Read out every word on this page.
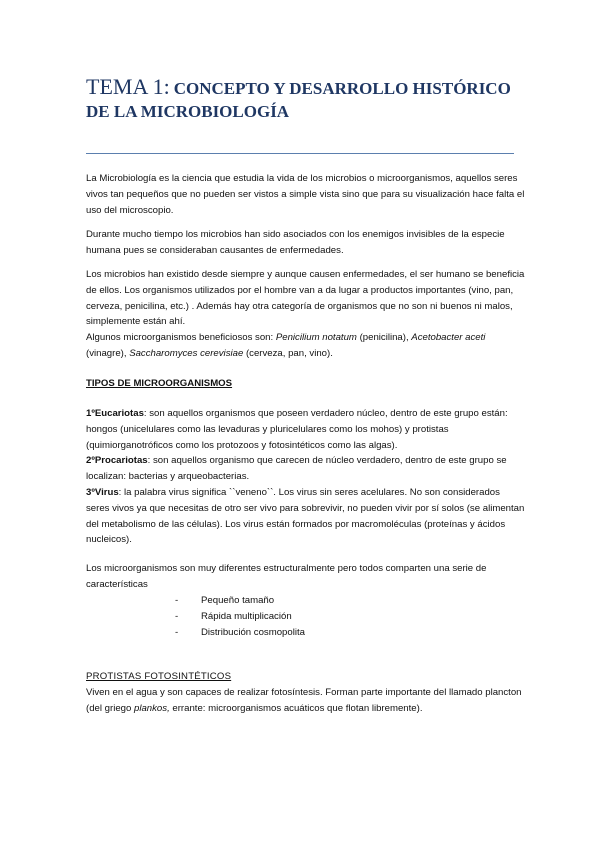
TEMA 1: CONCEPTO Y DESARROLLO HISTÓRICO DE LA MICROBIOLOGÍA

La Microbiología es la ciencia que estudia la vida de los microbios o microorganismos, aquellos seres vivos tan pequeños que no pueden ser vistos a simple vista sino que para su visualización hace falta el uso del microscopio.

Durante mucho tiempo los microbios han sido asociados con los enemigos invisibles de la especie humana pues se consideraban causantes de enfermedades.

Los microbios han existido desde siempre y aunque causen enfermedades, el ser humano se beneficia de ellos. Los organismos utilizados por el hombre van a da lugar a productos importantes (vino, pan, cerveza, penicilina, etc.) . Además hay otra categoría de organismos que no son ni buenos ni malos, simplemente están ahí.

Algunos microorganismos beneficiosos son: Penicilium notatum (penicilina), Acetobacter aceti (vinagre), Saccharomyces cerevisiae (cerveza, pan, vino).

TIPOS DE MICROORGANISMOS

1ºEucariotas: son aquellos organismos que poseen verdadero núcleo, dentro de este grupo están: hongos (unicelulares como las levaduras y pluricelulares como los mohos) y protistas (quimiorganotróficos como los protozoos y fotosintéticos como las algas).

2ºProcariotas: son aquellos organismo que carecen de núcleo verdadero, dentro de este grupo se localizan: bacterias y arqueobacterias.

3ºVirus: la palabra virus significa ``veneno``. Los virus sin seres acelulares. No son considerados seres vivos ya que necesitas de otro ser vivo para sobrevivir, no pueden vivir por sí solos (se alimentan del metabolismo de las células). Los virus están formados por macromoléculas (proteínas y ácidos nucleicos).

Los microorganismos son muy diferentes estructuralmente pero todos comparten una serie de características

- Pequeño tamaño
- Rápida multiplicación
- Distribución cosmopolita

PROTISTAS FOTOSINTÉTICOS

Viven en el agua y son capaces de realizar fotosíntesis. Forman parte importante del llamado plancton (del griego plankos, errante: microorganismos acuáticos que flotan libremente).
